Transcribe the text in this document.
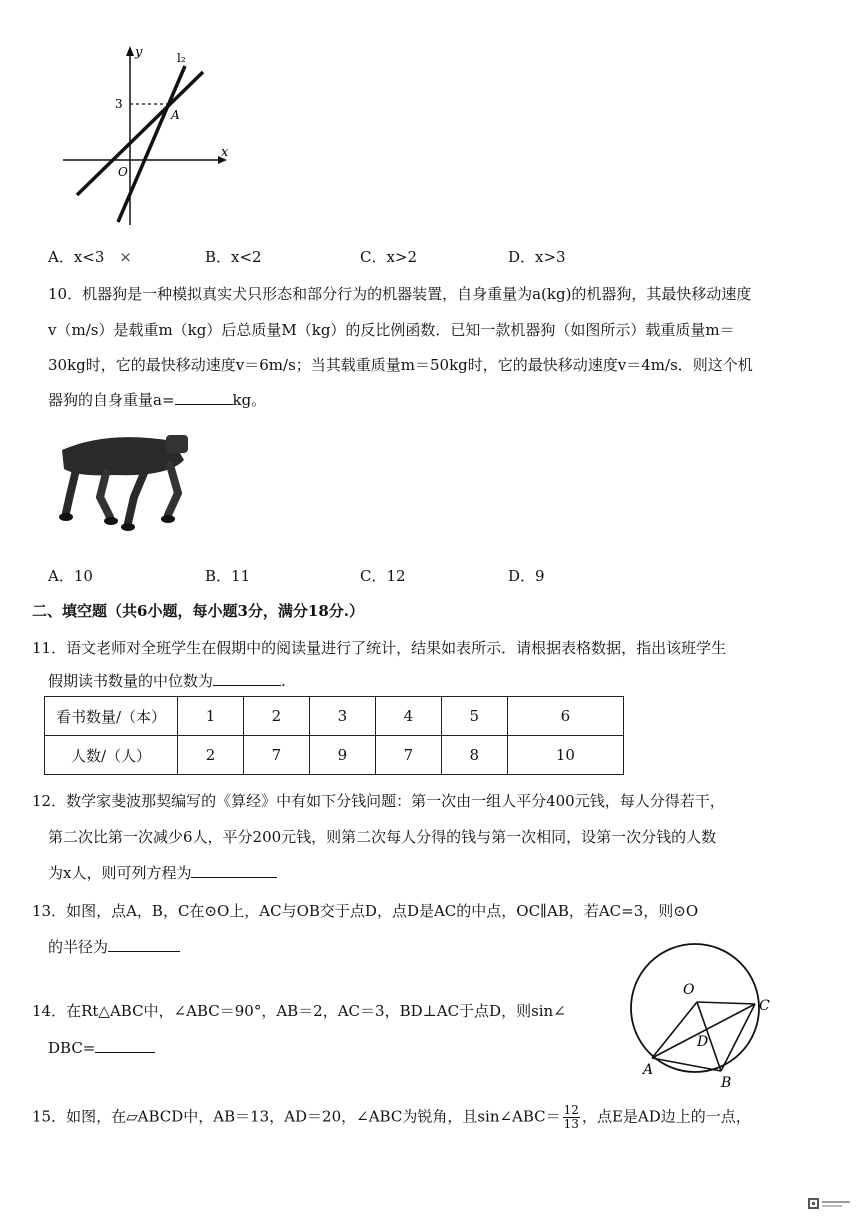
y
x
l₂
A
3
O
A．x<3 ×	B．x<2	C．x>2	D．x>3
10．机器狗是一种模拟真实犬只形态和部分行为的机器装置，自身重量为a(kg)的机器狗，其最快移动速度
v（m/s）是载重m（kg）后总质量M（kg）的反比例函数．已知一款机器狗（如图所示）载重质量m＝
30kg时，它的最快移动速度v＝6m/s；当其载重质量m＝50kg时，它的最快移动速度v＝4m/s．则这个机
器狗的自身重量a=	kg。
A．10	B．11	C．12	D．9
二、填空题（共6小题，每小题3分，满分18分.）
11．语文老师对全班学生在假期中的阅读量进行了统计，结果如表所示．请根据表格数据，指出该班学生
假期读书数量的中位数为	.
看书数量/（本）	1	2	3	4	5	6
人数/（人）	2	7	9	7	8	10
12．数学家斐波那契编写的《算经》中有如下分钱问题：第一次由一组人平分400元钱，每人分得若干，
第二次比第一次减少6人，平分200元钱，则第二次每人分得的钱与第一次相同，设第一次分钱的人数
为x人，则可列方程为
13．如图，点A，B，C在⊙O上，AC与OB交于点D，点D是AC的中点，OC∥AB，若AC=3，则⊙O
的半径为
O
C
D
A
B
14．在Rt△ABC中，∠ABC＝90°，AB＝2，AC＝3，BD⊥AC于点D，则sin∠
DBC=
15．如图，在▱ABCD中，AB＝13，AD＝20，∠ABC为锐角，且sin∠ABC＝ $\frac{12}{13}$ ，点E是AD边上的一点，
